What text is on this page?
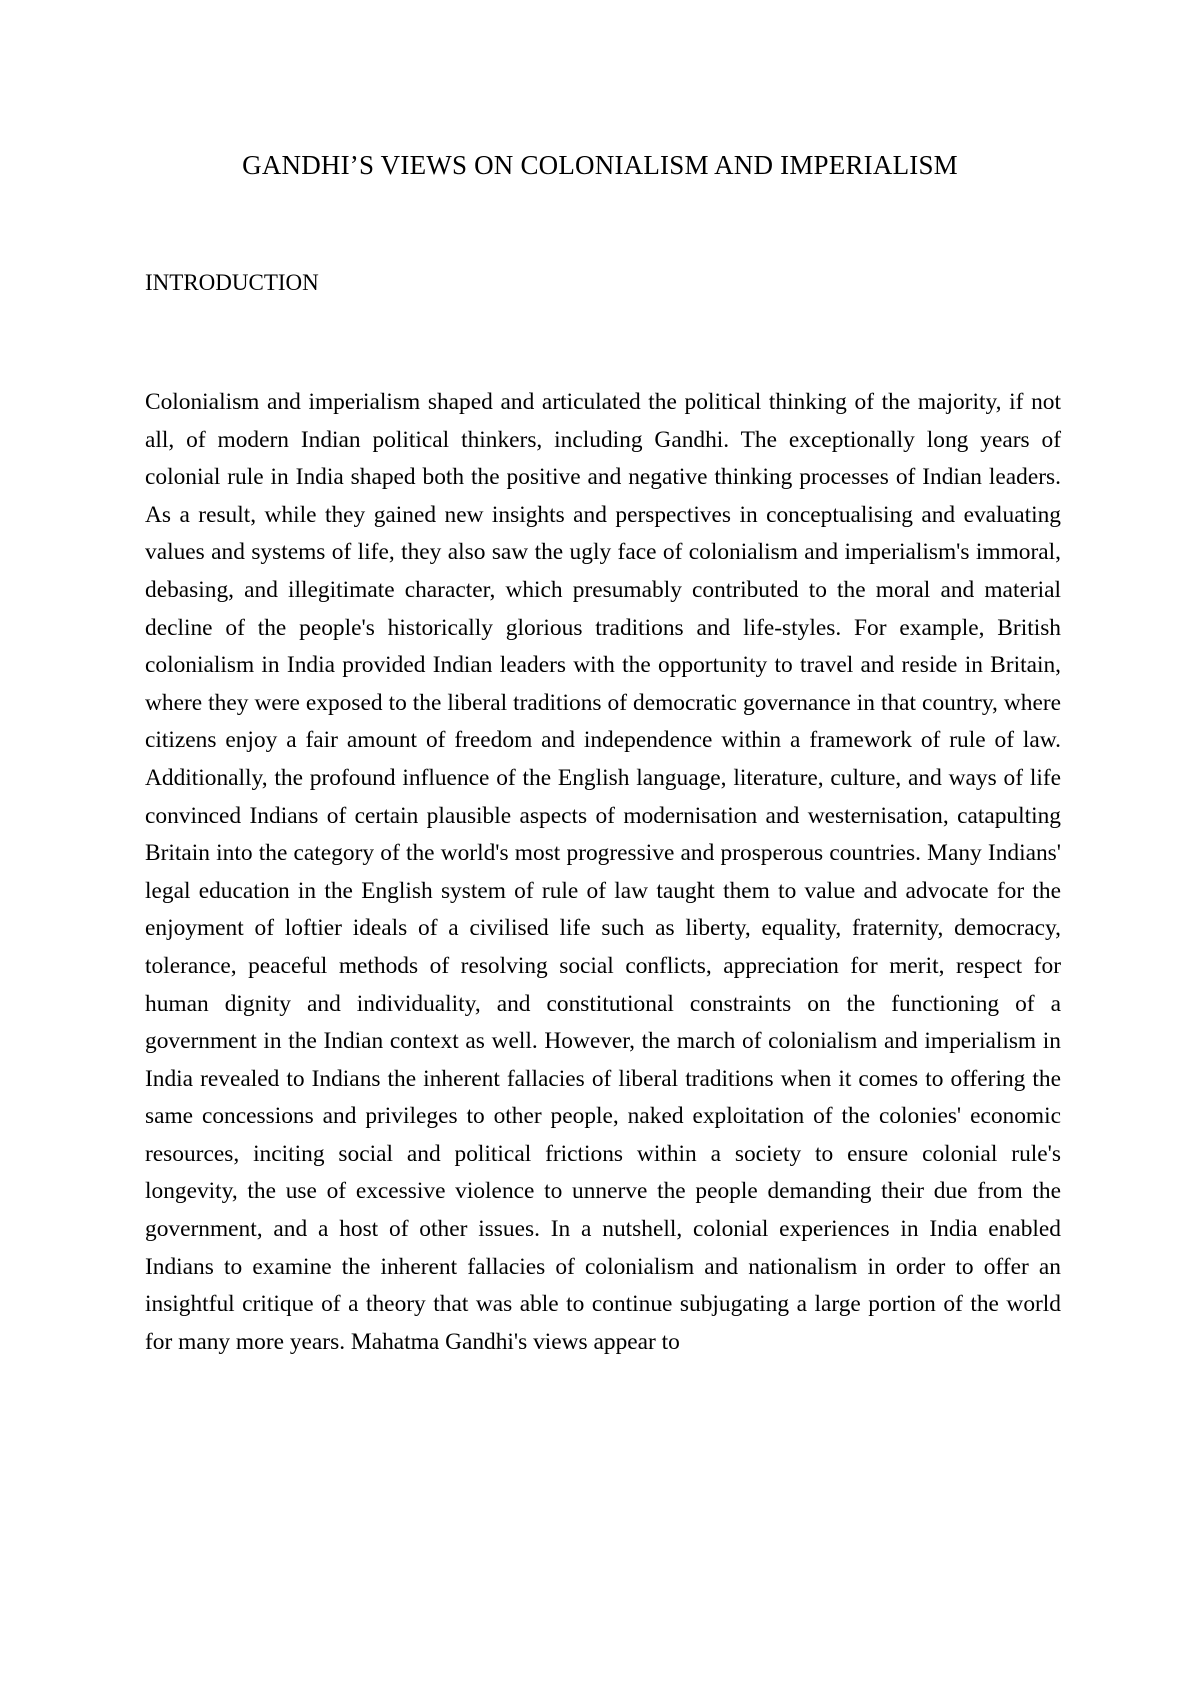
GANDHI’S VIEWS ON COLONIALISM AND IMPERIALISM
INTRODUCTION

Colonialism and imperialism shaped and articulated the political thinking of the majority, if not all, of modern Indian political thinkers, including Gandhi. The exceptionally long years of colonial rule in India shaped both the positive and negative thinking processes of Indian leaders. As a result, while they gained new insights and perspectives in conceptualising and evaluating values and systems of life, they also saw the ugly face of colonialism and imperialism's immoral, debasing, and illegitimate character, which presumably contributed to the moral and material decline of the people's historically glorious traditions and life-styles. For example, British colonialism in India provided Indian leaders with the opportunity to travel and reside in Britain, where they were exposed to the liberal traditions of democratic governance in that country, where citizens enjoy a fair amount of freedom and independence within a framework of rule of law. Additionally, the profound influence of the English language, literature, culture, and ways of life convinced Indians of certain plausible aspects of modernisation and westernisation, catapulting Britain into the category of the world's most progressive and prosperous countries. Many Indians' legal education in the English system of rule of law taught them to value and advocate for the enjoyment of loftier ideals of a civilised life such as liberty, equality, fraternity, democracy, tolerance, peaceful methods of resolving social conflicts, appreciation for merit, respect for human dignity and individuality, and constitutional constraints on the functioning of a government in the Indian context as well. However, the march of colonialism and imperialism in India revealed to Indians the inherent fallacies of liberal traditions when it comes to offering the same concessions and privileges to other people, naked exploitation of the colonies' economic resources, inciting social and political frictions within a society to ensure colonial rule's longevity, the use of excessive violence to unnerve the people demanding their due from the government, and a host of other issues. In a nutshell, colonial experiences in India enabled Indians to examine the inherent fallacies of colonialism and nationalism in order to offer an insightful critique of a theory that was able to continue subjugating a large portion of the world for many more years. Mahatma Gandhi's views appear to
